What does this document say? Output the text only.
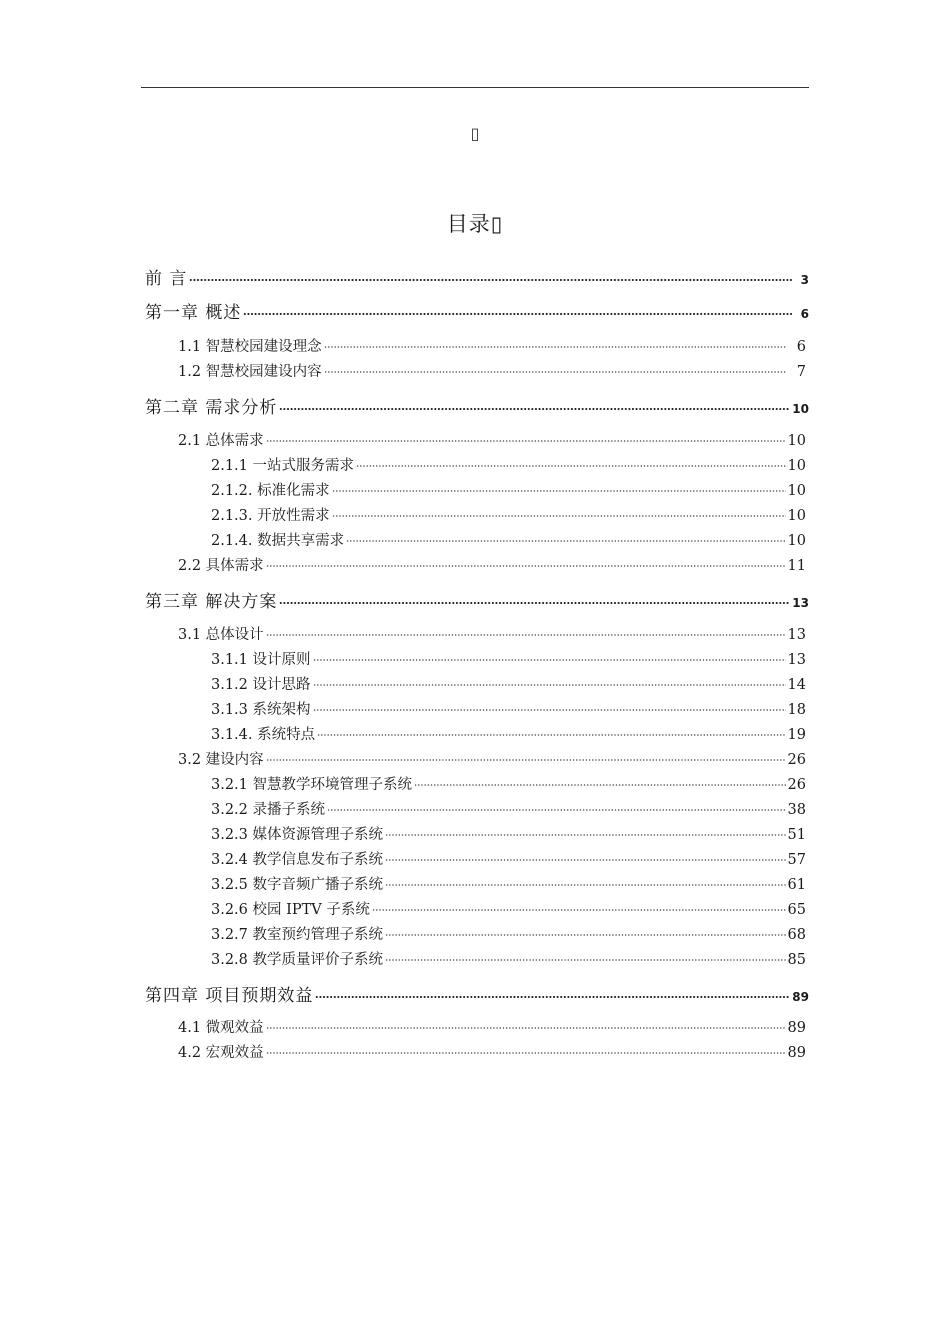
▯
目录▯
前 言	3
第一章 概述	6
1.1 智慧校园建设理念	6
1.2 智慧校园建设内容	7
第二章 需求分析	10
2.1 总体需求	10
2.1.1 一站式服务需求	10
2.1.2. 标准化需求	10
2.1.3. 开放性需求	10
2.1.4. 数据共享需求	10
2.2 具体需求	11
第三章 解决方案	13
3.1 总体设计	13
3.1.1 设计原则	13
3.1.2 设计思路	14
3.1.3 系统架构	18
3.1.4. 系统特点	19
3.2 建设内容	26
3.2.1 智慧教学环境管理子系统	26
3.2.2 录播子系统	38
3.2.3 媒体资源管理子系统	51
3.2.4 教学信息发布子系统	57
3.2.5 数字音频广播子系统	61
3.2.6 校园 IPTV 子系统	65
3.2.7 教室预约管理子系统	68
3.2.8 教学质量评价子系统	85
第四章 项目预期效益	89
4.1 微观效益	89
4.2 宏观效益	89
